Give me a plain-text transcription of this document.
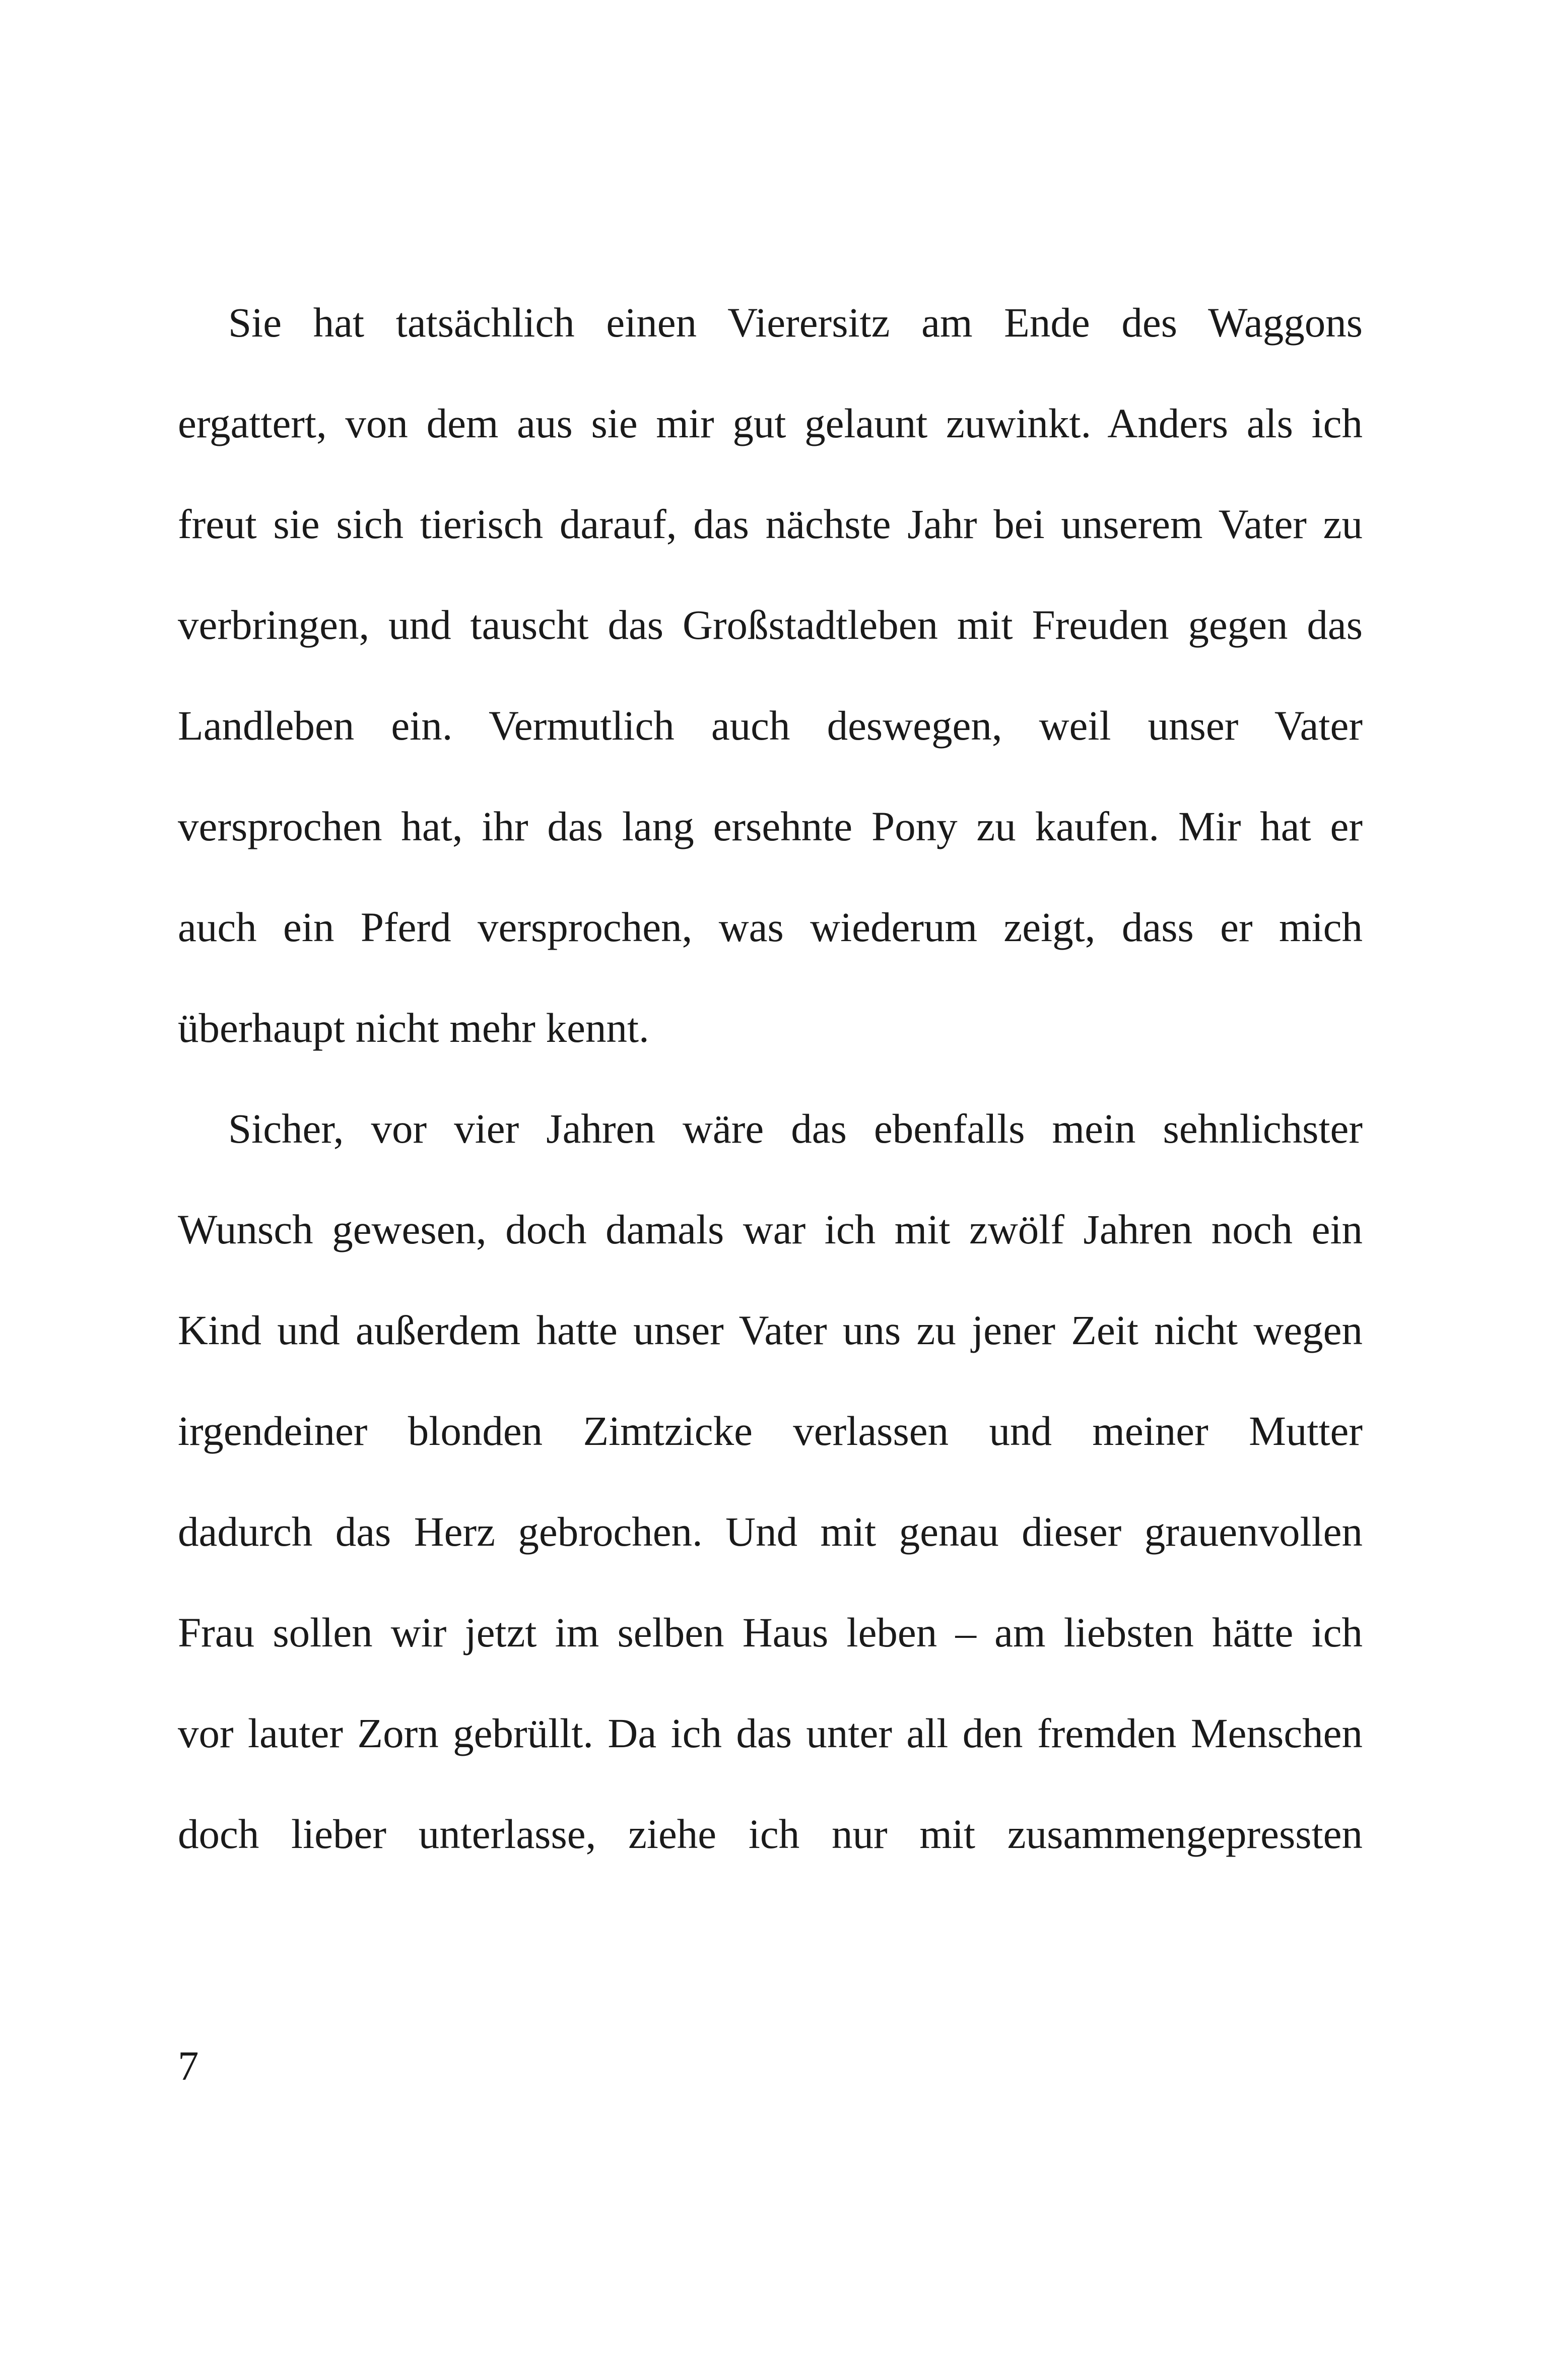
Sie hat tatsächlich einen Vierersitz am Ende des Waggons
ergattert, von dem aus sie mir gut gelaunt zuwinkt. Anders als ich
freut sie sich tierisch darauf, das nächste Jahr bei unserem Vater zu
verbringen, und tauscht das Großstadtleben mit Freuden gegen das
Landleben ein. Vermutlich auch deswegen, weil unser Vater
versprochen hat, ihr das lang ersehnte Pony zu kaufen. Mir hat er
auch ein Pferd versprochen, was wiederum zeigt, dass er mich
überhaupt nicht mehr kennt.
Sicher, vor vier Jahren wäre das ebenfalls mein sehnlichster
Wunsch gewesen, doch damals war ich mit zwölf Jahren noch ein
Kind und außerdem hatte unser Vater uns zu jener Zeit nicht wegen
irgendeiner blonden Zimtzicke verlassen und meiner Mutter
dadurch das Herz gebrochen. Und mit genau dieser grauenvollen
Frau sollen wir jetzt im selben Haus leben – am liebsten hätte ich
vor lauter Zorn gebrüllt. Da ich das unter all den fremden Menschen
doch lieber unterlasse, ziehe ich nur mit zusammengepressten
7
